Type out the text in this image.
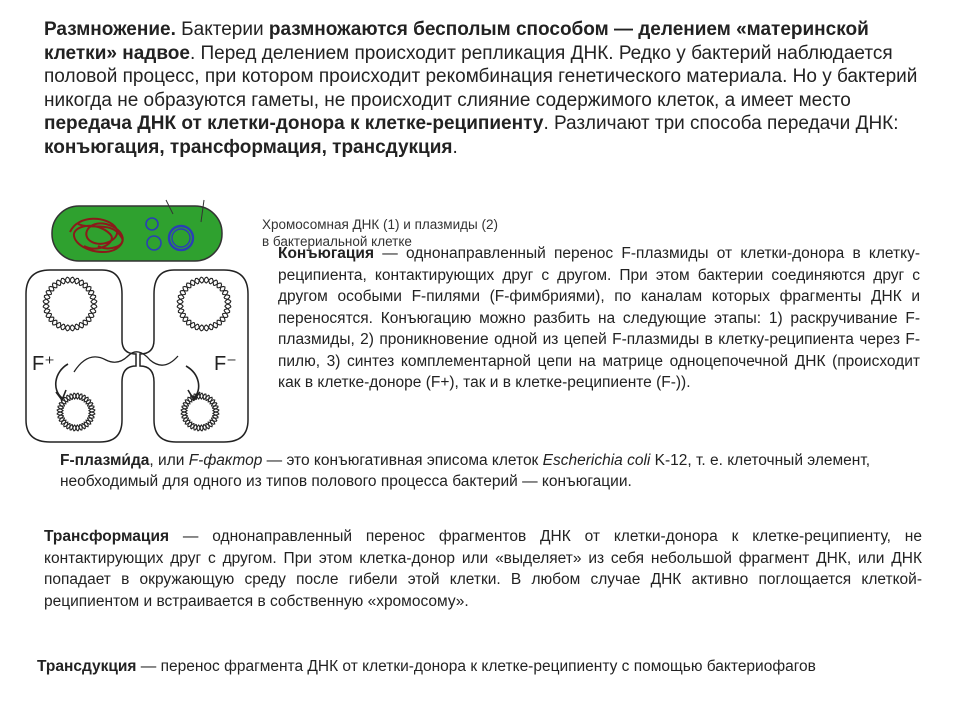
Размножение. Бактерии размножаются бесполым способом — делением «материнской клетки» надвое. Перед делением происходит репликация ДНК. Редко у бактерий наблюдается половой процесс, при котором происходит рекомбинация генетического материала. Но у бактерий никогда не образуются гаметы, не происходит слияние содержимого клеток, а имеет место передача ДНК от клетки-донора к клетке-реципиенту. Различают три способа передачи ДНК: конъюгация, трансформация, трансдукция.

F⁺	F⁻
Хромосомная ДНК (1) и плазмиды (2)
в бактериальной клетке

Конъюгация — однонаправленный перенос F-плазмиды от клетки-донора в клетку-реципиента, контактирующих друг с другом. При этом бактерии соединяются друг с другом особыми F-пилями (F-фимбриями), по каналам которых фрагменты ДНК и переносятся. Конъюгацию можно разбить на следующие этапы: 1) раскручивание F-плазмиды, 2) проникновение одной из цепей F-плазмиды в клетку-реципиента через F-пилю, 3) синтез комплементарной цепи на матрице одноцепочечной ДНК (происходит как в клетке-доноре (F+), так и в клетке-реципиенте (F-)).

F-плазми́да, или F-фактор — это конъюгативная эписома клеток Escherichia coli K-12, т. е. клеточный элемент, необходимый для одного из типов полового процесса бактерий — конъюгации.

Трансформация — однонаправленный перенос фрагментов ДНК от клетки-донора к клетке-реципиенту, не контактирующих друг с другом. При этом клетка-донор или «выделяет» из себя небольшой фрагмент ДНК, или ДНК попадает в окружающую среду после гибели этой клетки. В любом случае ДНК активно поглощается клеткой-реципиентом и встраивается в собственную «хромосому».

Трансдукция — перенос фрагмента ДНК от клетки-донора к клетке-реципиенту с помощью бактериофагов
